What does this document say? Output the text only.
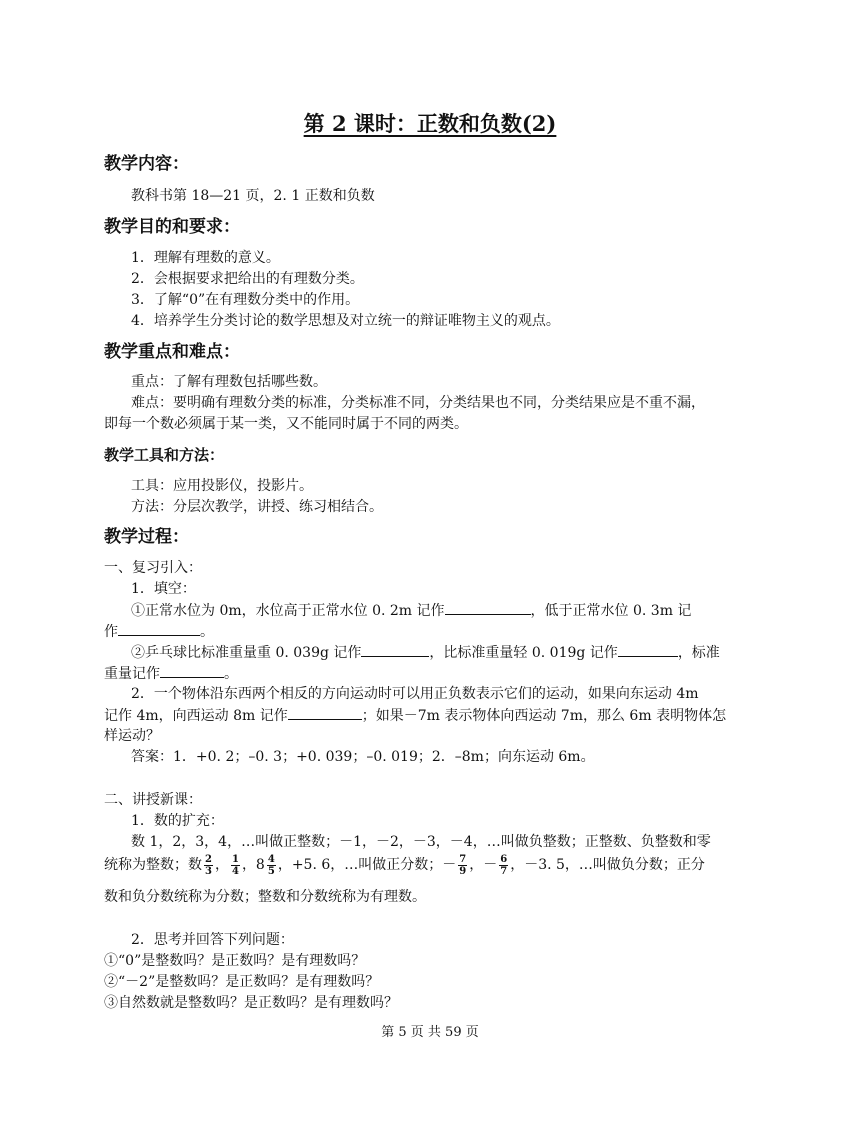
第 2 课时：正数和负数(2)
教学内容：
教科书第 18—21 页，2. 1 正数和负数
教学目的和要求：
1．理解有理数的意义。
2．会根据要求把给出的有理数分类。
3．了解“0”在有理数分类中的作用。
4．培养学生分类讨论的数学思想及对立统一的辩证唯物主义的观点。
教学重点和难点：
重点：了解有理数包括哪些数。
难点：要明确有理数分类的标准，分类标准不同，分类结果也不同，分类结果应是不重不漏，
即每一个数必须属于某一类，又不能同时属于不同的两类。
教学工具和方法：
工具：应用投影仪，投影片。
方法：分层次教学，讲授、练习相结合。
教学过程：
一、复习引入：
1．填空：
①正常水位为 0m，水位高于正常水位 0. 2m 记作	，低于正常水位 0. 3m 记
作	。
②乒乓球比标准重量重 0. 039g 记作	，比标准重量轻 0. 019g 记作	，标准
重量记作	。
2．一个物体沿东西两个相反的方向运动时可以用正负数表示它们的运动，如果向东运动 4m
记作 4m，向西运动 8m 记作	；如果－7m 表示物体向西运动 7m，那么 6m 表明物体怎
样运动？
答案：1．+0. 2；–0. 3；+0. 039；–0. 019；2．–8m；向东运动 6m。
二、讲授新课：
1．数的扩充：
数 1，2，3，4，…叫做正整数；－1，－2，－3，－4，…叫做负整数；正整数、负整数和零
统称为整数；数 $\frac{2}{3}$ ， $\frac{1}{4}$ ，$8 \frac{4}{5}$ ，+5. 6，…叫做正分数；－ $\frac{7}{9}$ ，－ $\frac{6}{7}$ ，－3. 5，…叫做负分数；正分
数和负分数统称为分数；整数和分数统称为有理数。
2．思考并回答下列问题：
①“0”是整数吗？是正数吗？是有理数吗？
②“－2”是整数吗？是正数吗？是有理数吗？
③自然数就是整数吗？是正数吗？是有理数吗？
第 5 页 共 59 页
